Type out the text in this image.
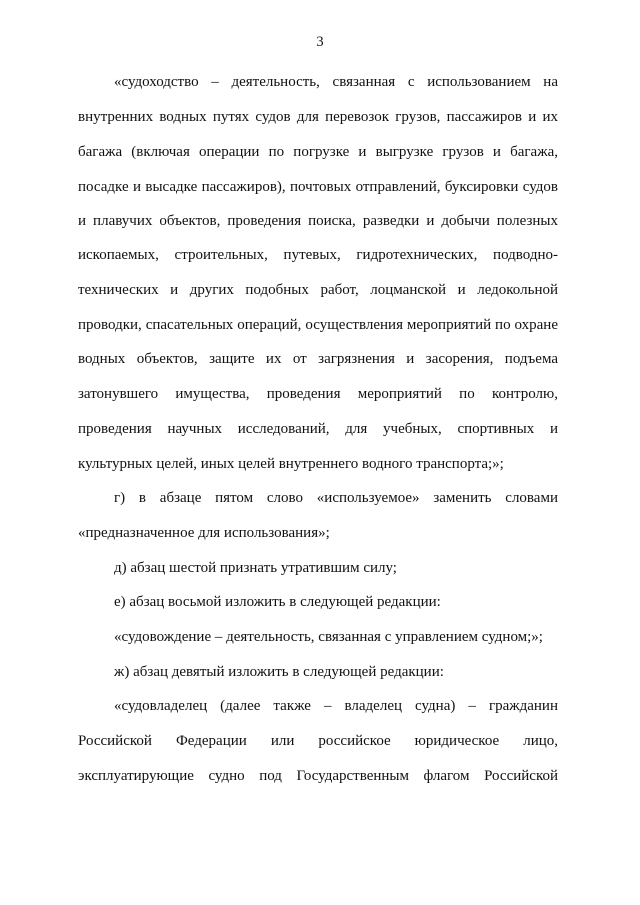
3
«судоходство – деятельность, связанная с использованием на
внутренних водных путях судов для перевозок грузов, пассажиров и их
багажа (включая операции по погрузке и выгрузке грузов и багажа,
посадке и высадке пассажиров), почтовых отправлений, буксировки судов
и плавучих объектов, проведения поиска, разведки и добычи полезных
ископаемых, строительных, путевых, гидротехнических, подводно-
технических и других подобных работ, лоцманской и ледокольной
проводки, спасательных операций, осуществления мероприятий по охране
водных объектов, защите их от загрязнения и засорения, подъема
затонувшего имущества, проведения мероприятий по контролю,
проведения научных исследований, для учебных, спортивных и
культурных целей, иных целей внутреннего водного транспорта;»;
г) в абзаце пятом слово «используемое» заменить словами
«предназначенное для использования»;
д) абзац шестой признать утратившим силу;
е) абзац восьмой изложить в следующей редакции:
«судовождение – деятельность, связанная с управлением судном;»;
ж) абзац девятый изложить в следующей редакции:
«судовладелец (далее также – владелец судна) – гражданин
Российской Федерации или российское юридическое лицо,
эксплуатирующие судно под Государственным флагом Российской
